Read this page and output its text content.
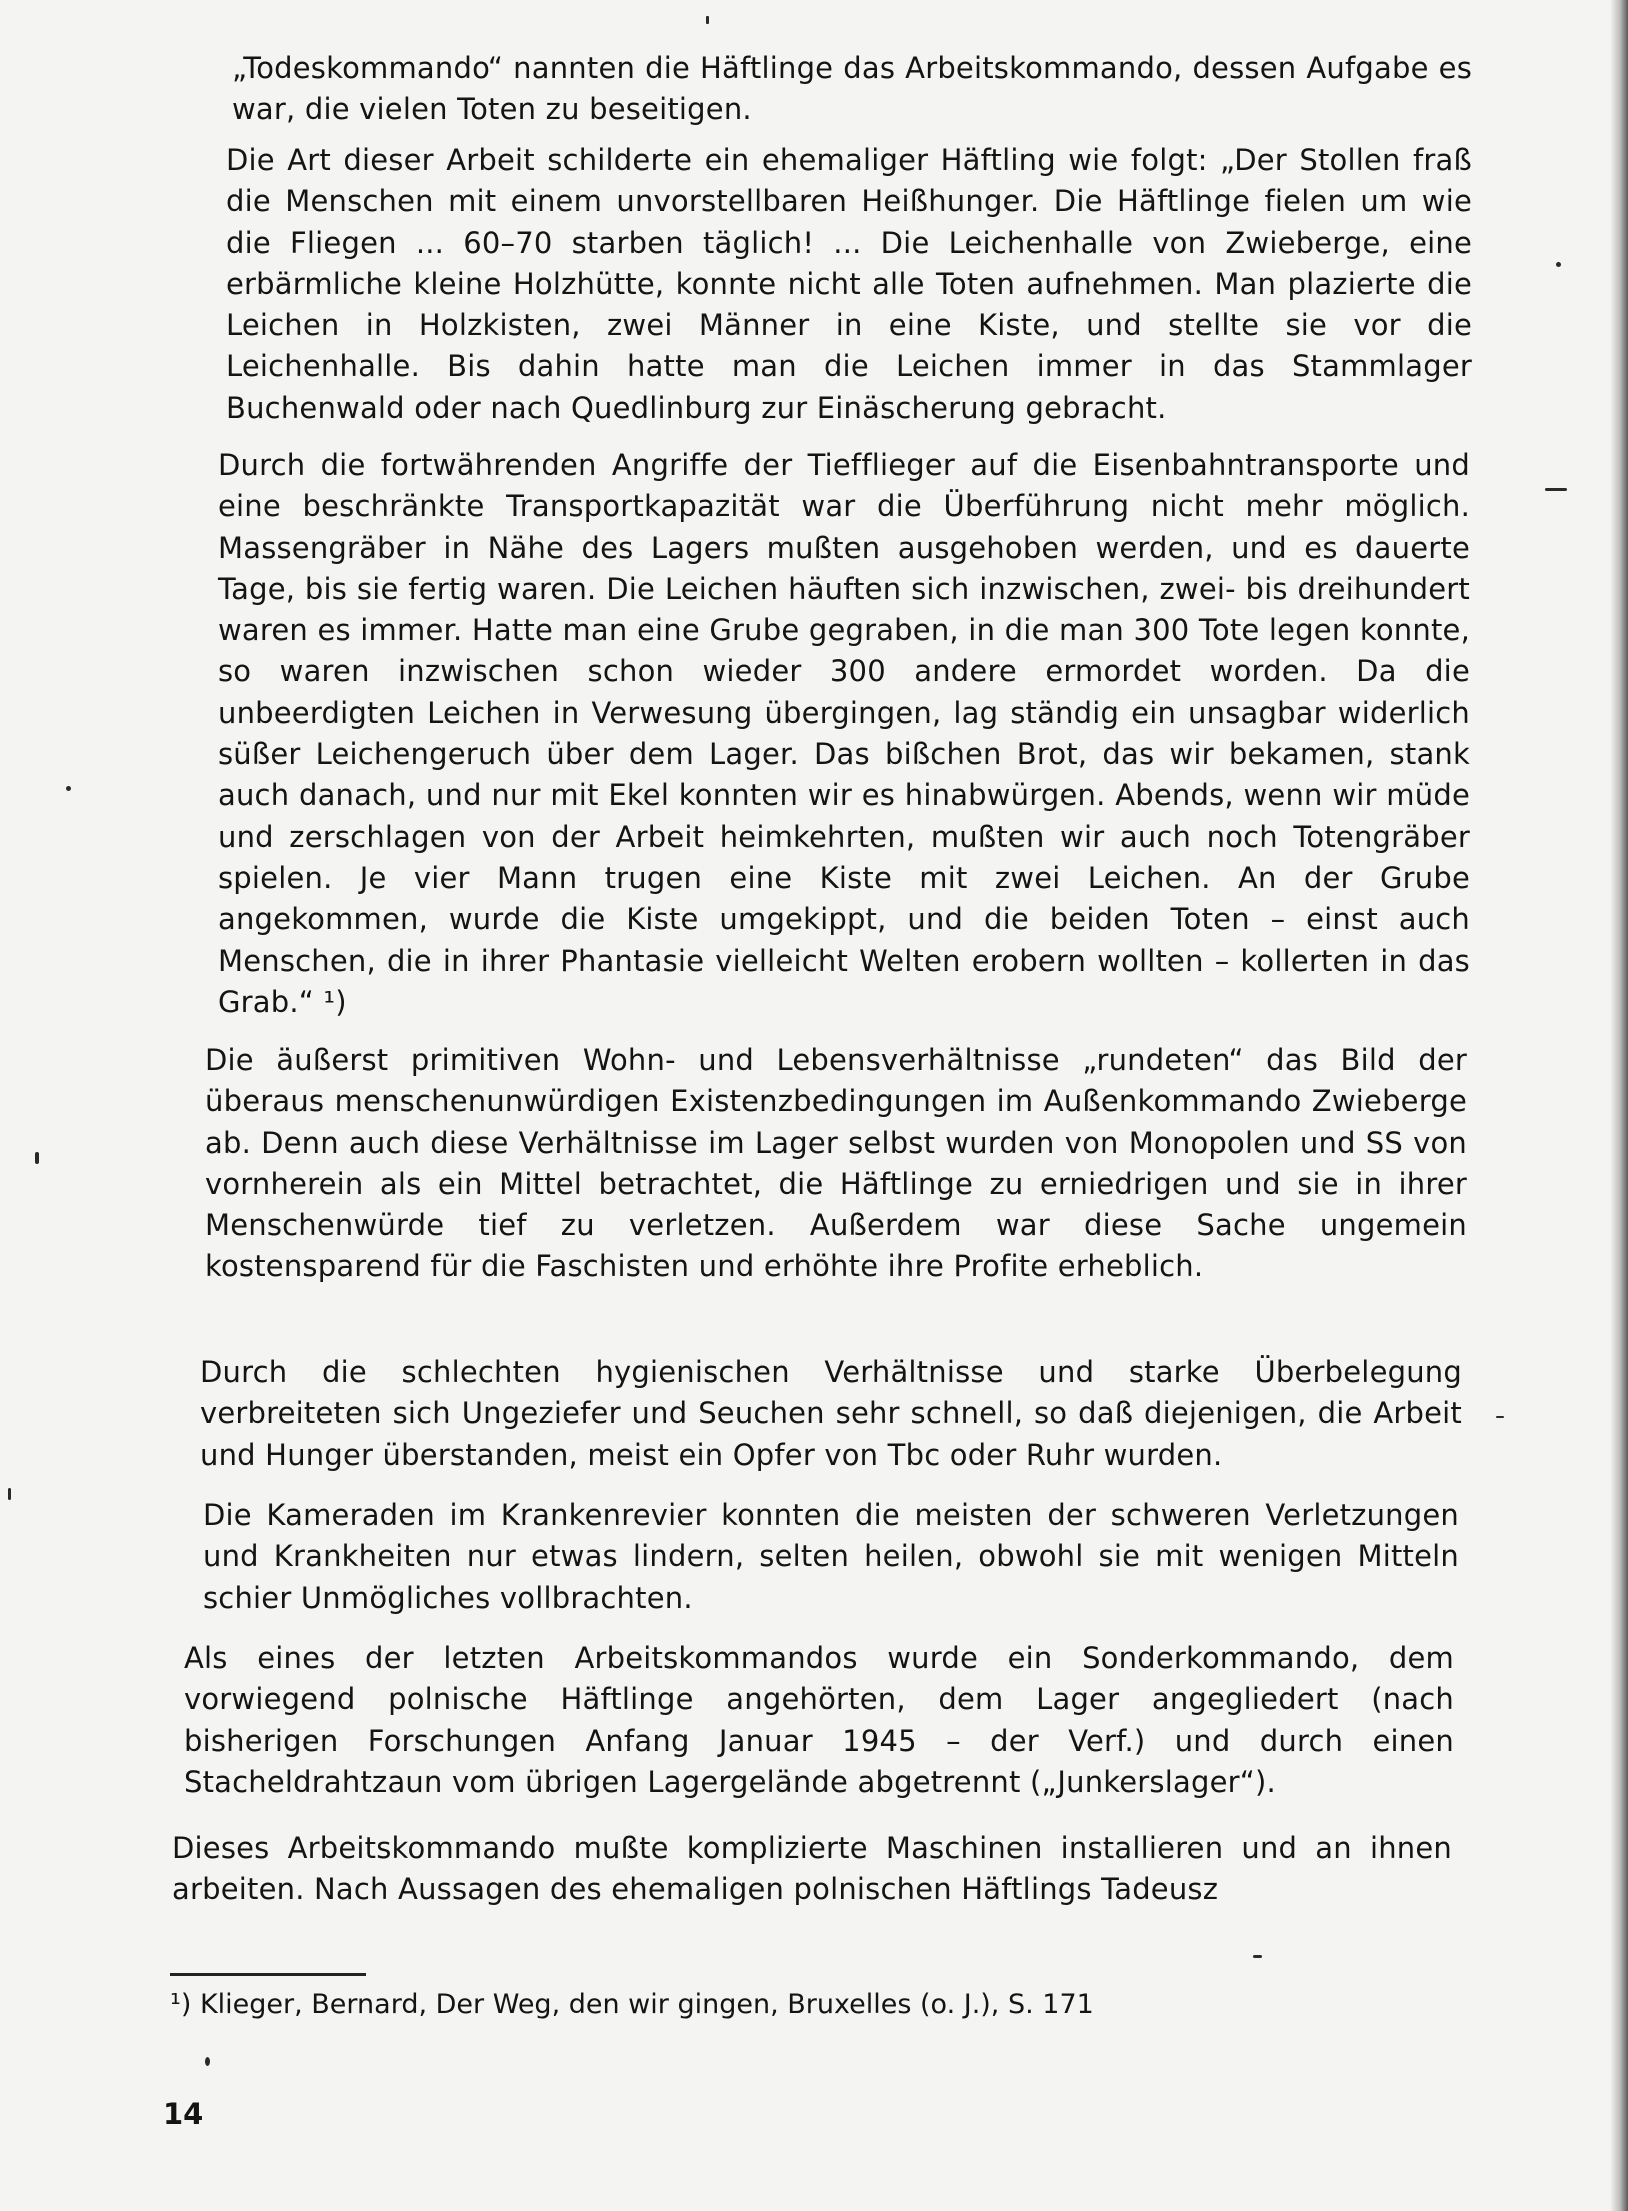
„Todeskommando“ nannten die Häftlinge das Arbeitskommando, dessen Aufgabe es war, die vielen Toten zu beseitigen.

Die Art dieser Arbeit schilderte ein ehemaliger Häftling wie folgt: „Der Stollen fraß die Menschen mit einem unvorstellbaren Heißhunger. Die Häftlinge fielen um wie die Fliegen ... 60–70 starben täglich! ... Die Leichenhalle von Zwieberge, eine erbärmliche kleine Holzhütte, konnte nicht alle Toten aufnehmen. Man plazierte die Leichen in Holzkisten, zwei Männer in eine Kiste, und stellte sie vor die Leichenhalle. Bis dahin hatte man die Leichen immer in das Stammlager Buchenwald oder nach Quedlinburg zur Einäscherung gebracht.

Durch die fortwährenden Angriffe der Tiefflieger auf die Eisenbahntransporte und eine beschränkte Transportkapazität war die Überführung nicht mehr möglich. Massengräber in Nähe des Lagers mußten ausgehoben werden, und es dauerte Tage, bis sie fertig waren. Die Leichen häuften sich inzwischen, zwei- bis dreihundert waren es immer. Hatte man eine Grube gegraben, in die man 300 Tote legen konnte, so waren inzwischen schon wieder 300 andere ermordet worden. Da die unbeerdigten Leichen in Verwesung übergingen, lag ständig ein unsagbar widerlich süßer Leichengeruch über dem Lager. Das bißchen Brot, das wir bekamen, stank auch danach, und nur mit Ekel konnten wir es hinabwürgen. Abends, wenn wir müde und zerschlagen von der Arbeit heimkehrten, mußten wir auch noch Totengräber spielen. Je vier Mann trugen eine Kiste mit zwei Leichen. An der Grube angekommen, wurde die Kiste umgekippt, und die beiden Toten – einst auch Menschen, die in ihrer Phantasie vielleicht Welten erobern wollten – kollerten in das Grab.“ ¹)

Die äußerst primitiven Wohn- und Lebensverhältnisse „rundeten“ das Bild der überaus menschenunwürdigen Existenzbedingungen im Außenkommando Zwieberge ab. Denn auch diese Verhältnisse im Lager selbst wurden von Monopolen und SS von vornherein als ein Mittel betrachtet, die Häftlinge zu erniedrigen und sie in ihrer Menschenwürde tief zu verletzen. Außerdem war diese Sache ungemein kostensparend für die Faschisten und erhöhte ihre Profite erheblich.

Durch die schlechten hygienischen Verhältnisse und starke Überbelegung verbreiteten sich Ungeziefer und Seuchen sehr schnell, so daß diejenigen, die Arbeit und Hunger überstanden, meist ein Opfer von Tbc oder Ruhr wurden.

Die Kameraden im Krankenrevier konnten die meisten der schweren Verletzungen und Krankheiten nur etwas lindern, selten heilen, obwohl sie mit wenigen Mitteln schier Unmögliches vollbrachten.

Als eines der letzten Arbeitskommandos wurde ein Sonderkommando, dem vorwiegend polnische Häftlinge angehörten, dem Lager angegliedert (nach bisherigen Forschungen Anfang Januar 1945 – der Verf.) und durch einen Stacheldrahtzaun vom übrigen Lagergelände abgetrennt („Junkerslager“).

Dieses Arbeitskommando mußte komplizierte Maschinen installieren und an ihnen arbeiten. Nach Aussagen des ehemaligen polnischen Häftlings Tadeusz

¹) Klieger, Bernard, Der Weg, den wir gingen, Bruxelles (o. J.), S. 171

14
